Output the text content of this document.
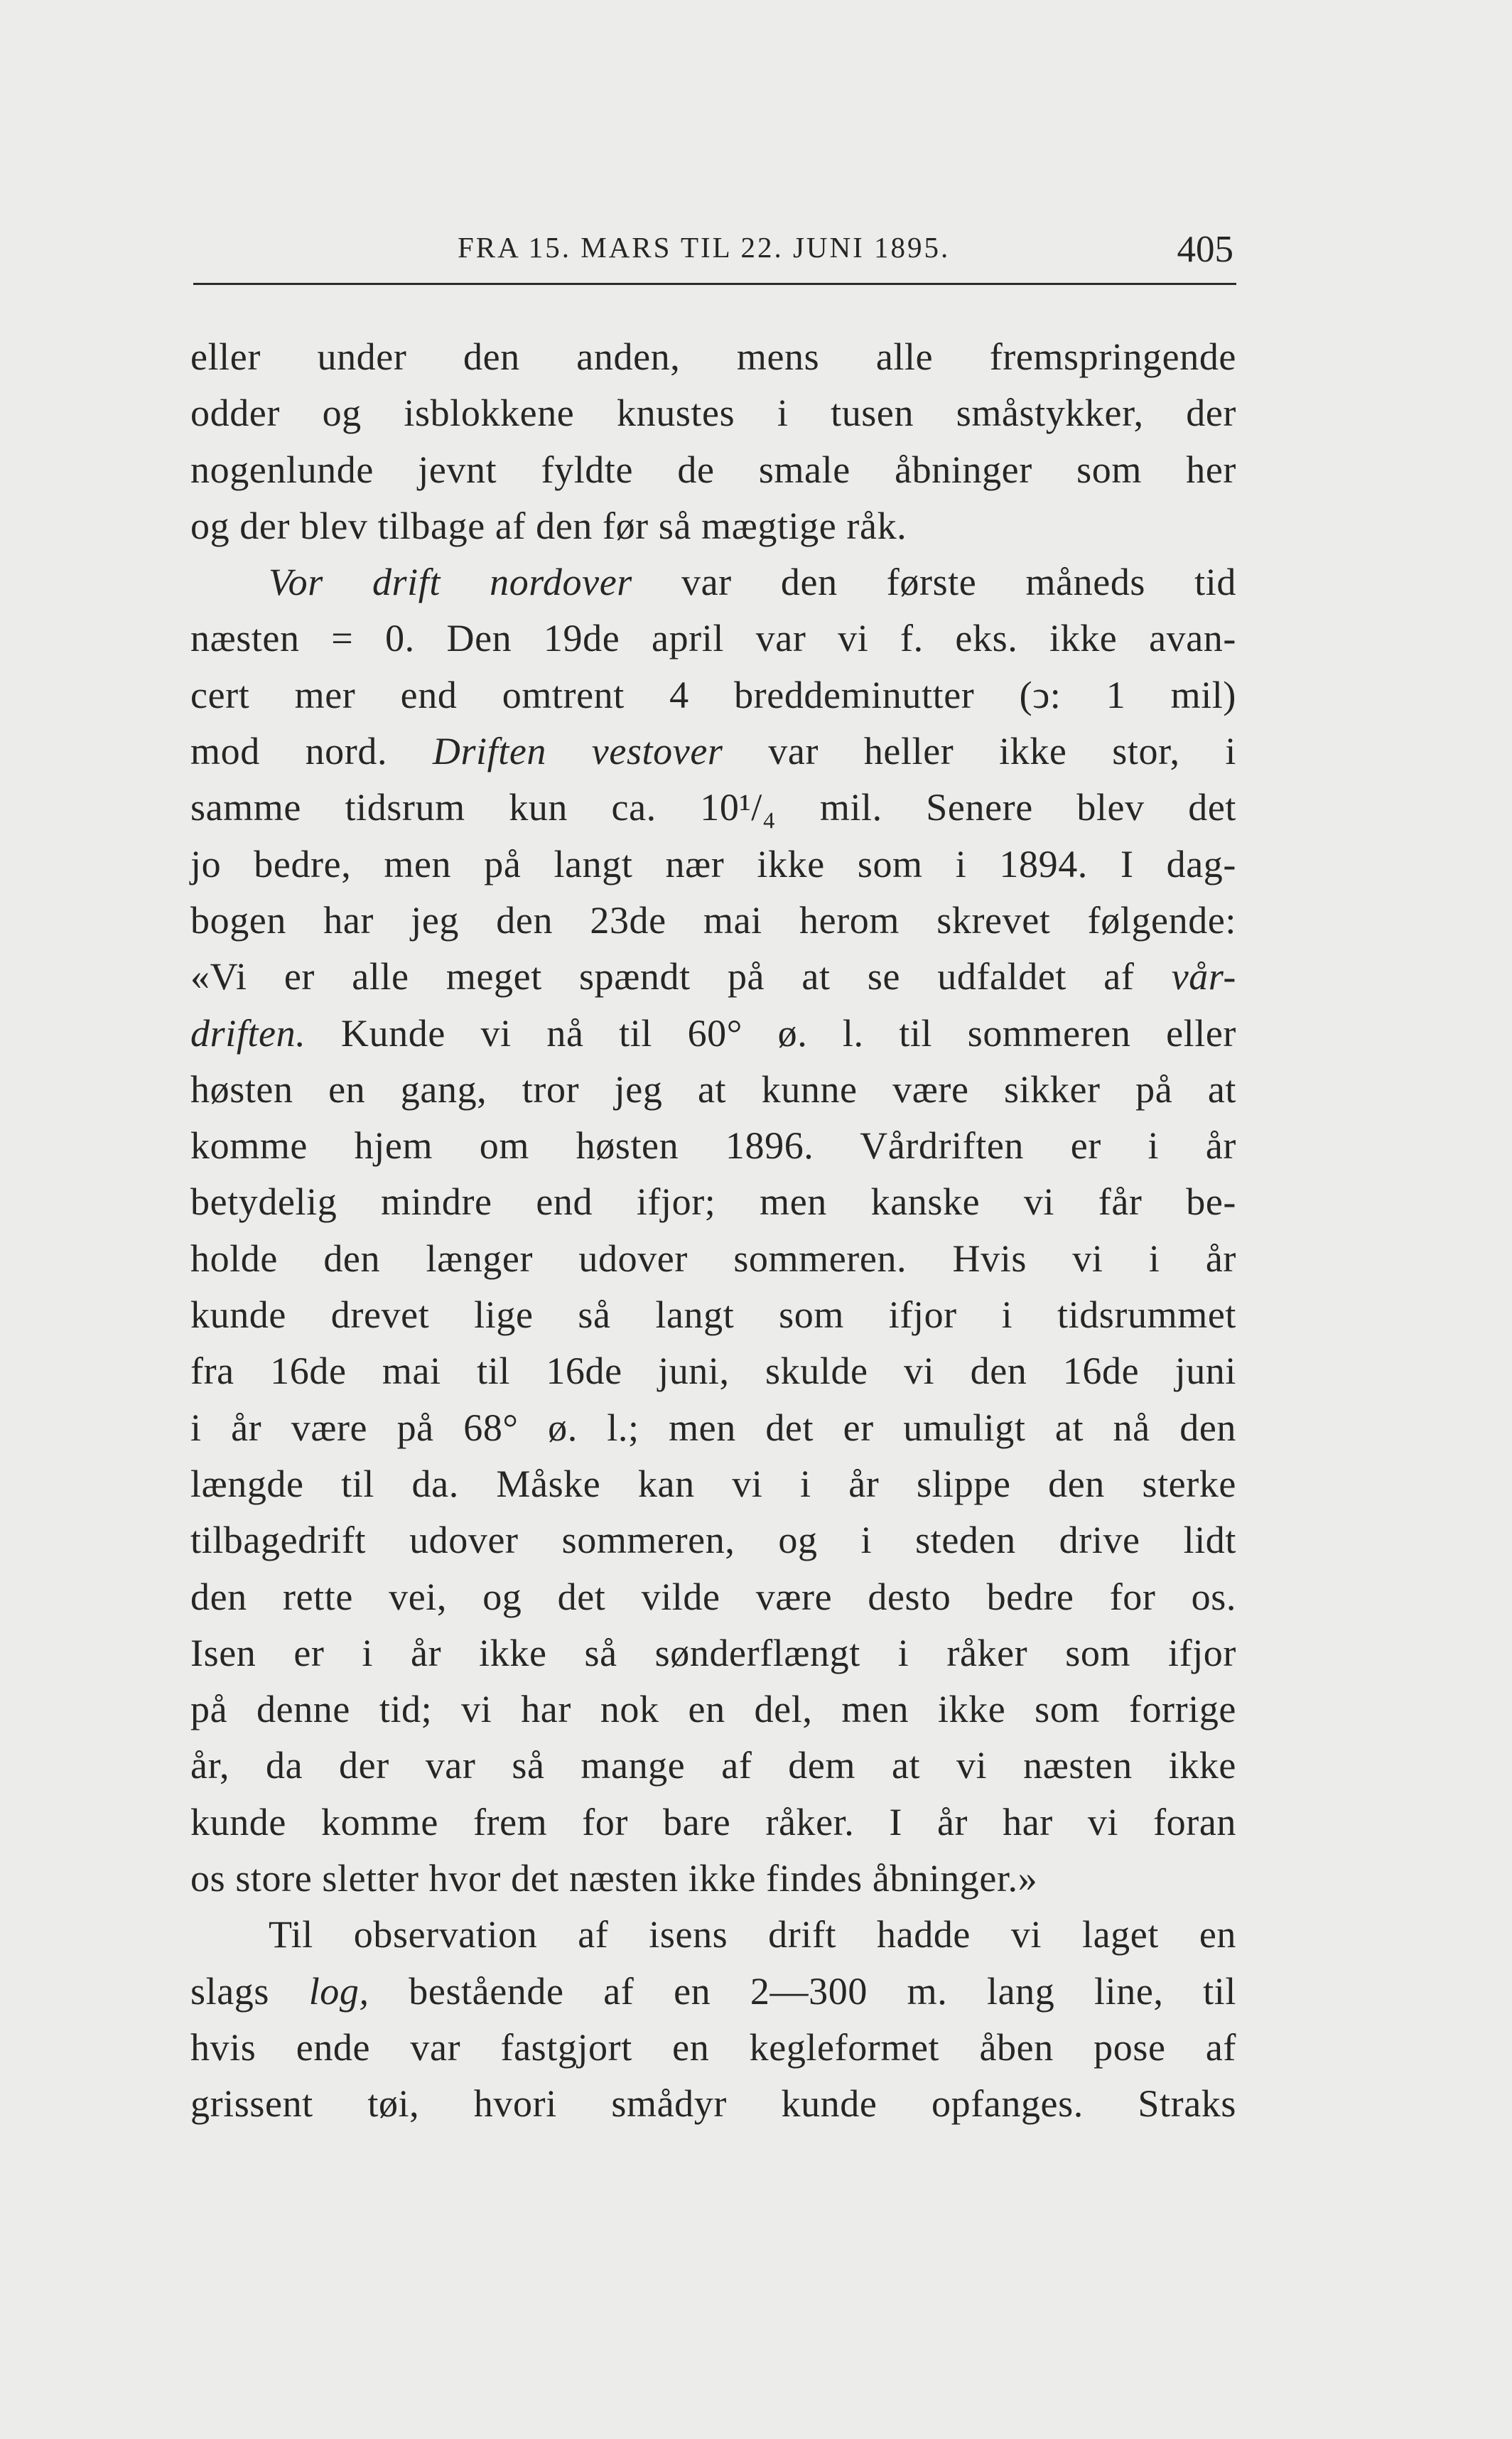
FRA 15. MARS TIL 22. JUNI 1895.	405
eller under den anden, mens alle fremspringende
odder og isblokkene knustes i tusen småstykker, der
nogenlunde jevnt fyldte de smale åbninger som her
og der blev tilbage af den før så mægtige råk.
Vor drift nordover var den første måneds tid
næsten = 0. Den 19de april var vi f. eks. ikke avan-
cert mer end omtrent 4 breddeminutter (ↄ: 1 mil)
mod nord. Driften vestover var heller ikke stor, i
samme tidsrum kun ca. 10¹/₄ mil. Senere blev det
jo bedre, men på langt nær ikke som i 1894. I dag-
bogen har jeg den 23de mai herom skrevet følgende:
«Vi er alle meget spændt på at se udfaldet af vår-
driften. Kunde vi nå til 60° ø. l. til sommeren eller
høsten en gang, tror jeg at kunne være sikker på at
komme hjem om høsten 1896. Vårdriften er i år
betydelig mindre end ifjor; men kanske vi får be-
holde den længer udover sommeren. Hvis vi i år
kunde drevet lige så langt som ifjor i tidsrummet
fra 16de mai til 16de juni, skulde vi den 16de juni
i år være på 68° ø. l.; men det er umuligt at nå den
længde til da. Måske kan vi i år slippe den sterke
tilbagedrift udover sommeren, og i steden drive lidt
den rette vei, og det vilde være desto bedre for os.
Isen er i år ikke så sønderflængt i råker som ifjor
på denne tid; vi har nok en del, men ikke som forrige
år, da der var så mange af dem at vi næsten ikke
kunde komme frem for bare råker. I år har vi foran
os store sletter hvor det næsten ikke findes åbninger.»
Til observation af isens drift hadde vi laget en
slags log, bestående af en 2—300 m. lang line, til
hvis ende var fastgjort en kegleformet åben pose af
grissent tøi, hvori smådyr kunde opfanges. Straks
